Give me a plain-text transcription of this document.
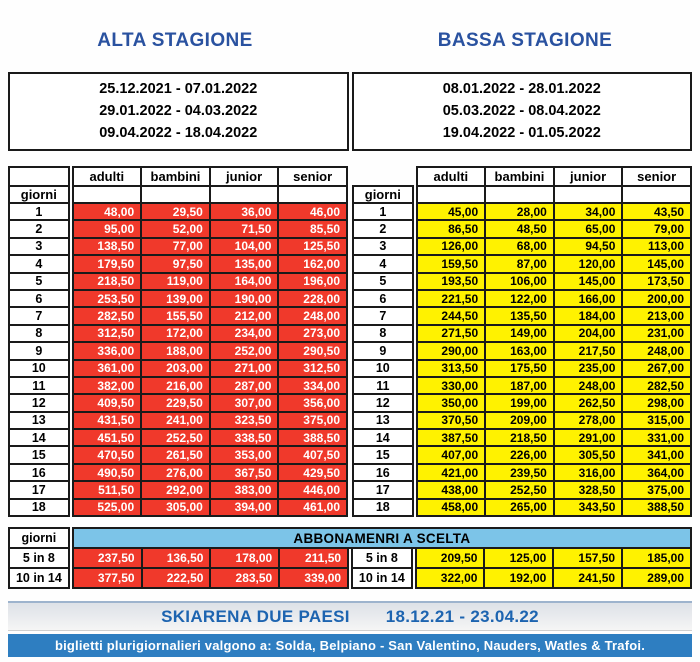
ALTA STAGIONE	BASSA STAGIONE
25.12.2021 - 07.01.2022
29.01.2022 - 04.03.2022
09.04.2022 - 18.04.2022
08.01.2022 - 28.01.2022
05.03.2022 - 08.04.2022
19.04.2022 - 01.05.2022
		adulti	bambini	junior	senior
giorni					
1		48,00	29,50	36,00	46,00
2		95,00	52,00	71,50	85,50
3		138,50	77,00	104,00	125,50
4		179,50	97,50	135,00	162,00
5		218,50	119,00	164,00	196,00
6		253,50	139,00	190,00	228,00
7		282,50	155,50	212,00	248,00
8		312,50	172,00	234,00	273,00
9		336,00	188,00	252,00	290,50
10		361,00	203,00	271,00	312,50
11		382,00	216,00	287,00	334,00
12		409,50	229,50	307,00	356,00
13		431,50	241,00	323,50	375,00
14		451,50	252,50	338,50	388,50
15		470,50	261,50	353,00	407,50
16		490,50	276,00	367,50	429,50
17		511,50	292,00	383,00	446,00
18		525,00	305,00	394,00	461,00
		adulti	bambini	junior	senior
giorni					
1		45,00	28,00	34,00	43,50
2		86,50	48,50	65,00	79,00
3		126,00	68,00	94,50	113,00
4		159,50	87,00	120,00	145,00
5		193,50	106,00	145,00	173,50
6		221,50	122,00	166,00	200,00
7		244,50	135,50	184,00	213,00
8		271,50	149,00	204,00	231,00
9		290,00	163,00	217,50	248,00
10		313,50	175,50	235,00	267,00
11		330,00	187,00	248,00	282,50
12		350,00	199,00	262,50	298,00
13		370,50	209,00	278,00	315,00
14		387,50	218,50	291,00	331,00
15		407,00	226,00	305,50	341,00
16		421,00	239,50	316,00	364,00
17		438,00	252,50	328,50	375,00
18		458,00	265,00	343,50	388,50
giorni		ABBONAMENRI A SCELTA										
5 in 8		237,50	136,50	178,00	211,50		5 in 8		209,50	125,00	157,50	185,00
10 in 14		377,50	222,50	283,50	339,00		10 in 14		322,00	192,00	241,50	289,00
SKIARENA DUE PAESI 18.12.21 - 23.04.22
biglietti plurigiornalieri valgono a: Solda, Belpiano - San Valentino, Nauders, Watles & Trafoi.
